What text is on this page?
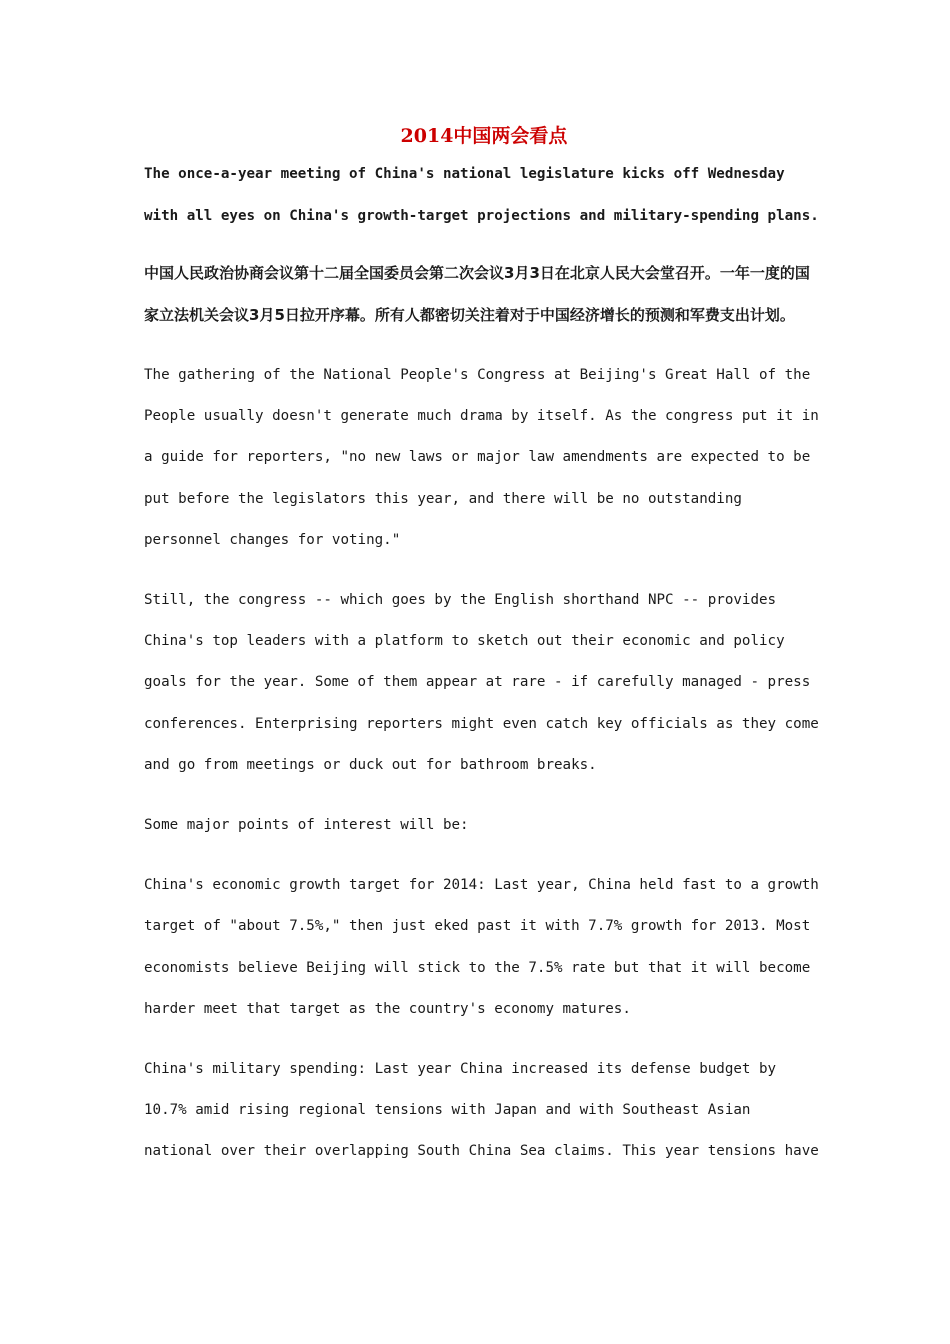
2014中国两会看点

The once-a-year meeting of China's national legislature kicks off Wednesday with all eyes on China's growth-target projections and military-spending plans.

中国人民政治协商会议第十二届全国委员会第二次会议3月3日在北京人民大会堂召开。一年一度的国家立法机关会议3月5日拉开序幕。所有人都密切关注着对于中国经济增长的预测和军费支出计划。

The gathering of the National People's Congress at Beijing's Great Hall of the People usually doesn't generate much drama by itself. As the congress put it in a guide for reporters, "no new laws or major law amendments are expected to be put before the legislators this year, and there will be no outstanding personnel changes for voting."

Still, the congress -- which goes by the English shorthand NPC -- provides China's top leaders with a platform to sketch out their economic and policy goals for the year. Some of them appear at rare - if carefully managed - press conferences. Enterprising reporters might even catch key officials as they come and go from meetings or duck out for bathroom breaks.

Some major points of interest will be:

China's economic growth target for 2014: Last year, China held fast to a growth target of "about 7.5%," then just eked past it with 7.7% growth for 2013. Most economists believe Beijing will stick to the 7.5% rate but that it will become harder meet that target as the country's economy matures.

China's military spending: Last year China increased its defense budget by 10.7% amid rising regional tensions with Japan and with Southeast Asian national over their overlapping South China Sea claims. This year tensions have
